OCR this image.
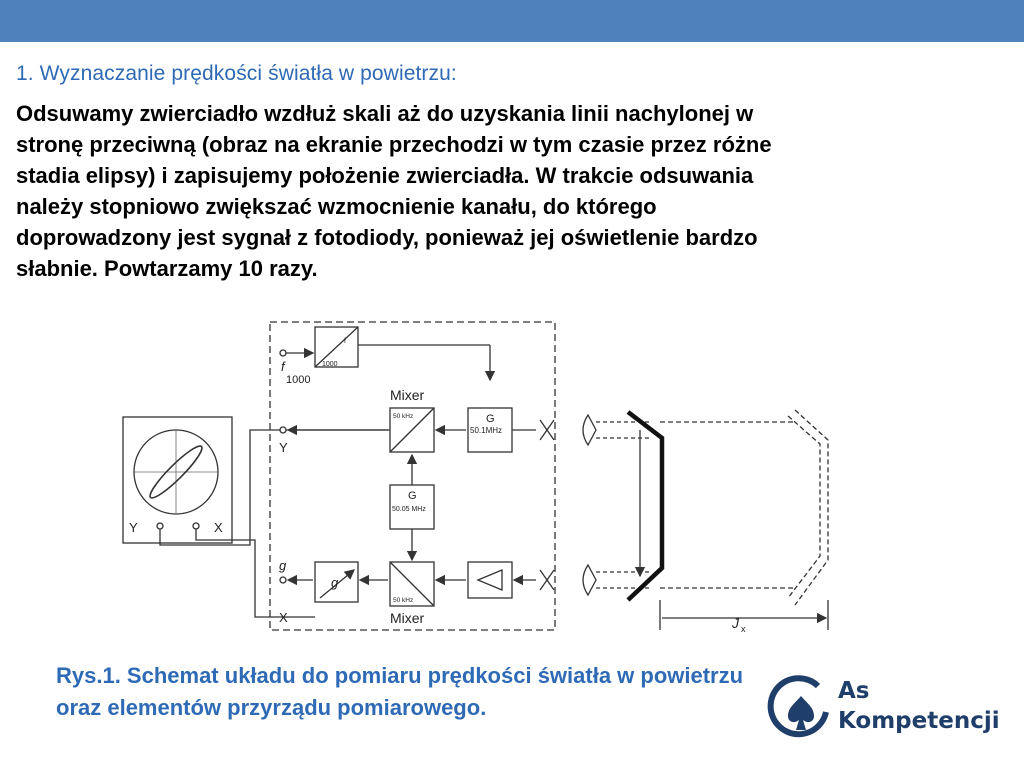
1. Wyznaczanie prędkości światła w powietrzu:

Odsuwamy zwierciadło wzdłuż skali aż do uzyskania linii nachylonej w

stronę przeciwną (obraz na ekranie przechodzi w tym czasie przez różne

stadia elipsy) i zapisujemy położenie zwierciadła. W trakcie odsuwania

należy stopniowo zwiększać wzmocnienie kanału, do którego

doprowadzony jest sygnał z fotodiody, ponieważ jej oświetlenie bardzo

słabnie. Powtarzamy 10 razy.

f
1000
f
1000
Mixer
50 kHz	G
50.1MHz
G
50.05 MHz
50 kHz
Mixer
g
g
Y
X
Y	X
J x

Rys.1. Schemat układu do pomiaru prędkości światła w powietrzu

oraz elementów przyrządu pomiarowego.

As
Kompetencji
